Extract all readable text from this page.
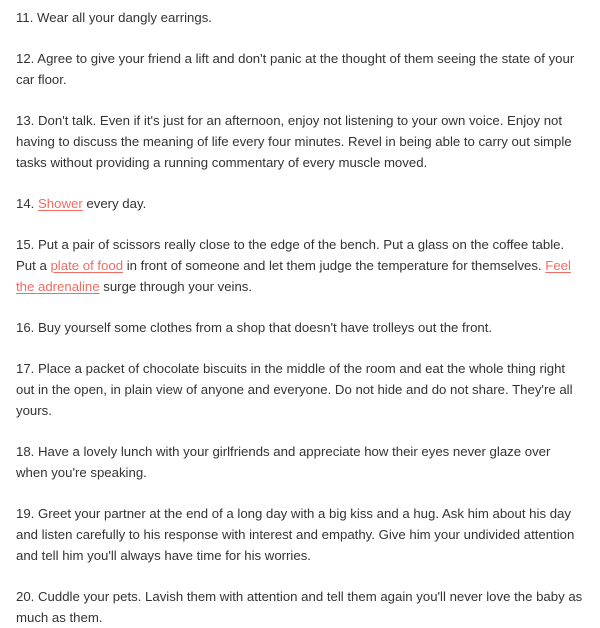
11. Wear all your dangly earrings.

12. Agree to give your friend a lift and don't panic at the thought of them seeing the state of your car floor.

13. Don't talk. Even if it's just for an afternoon, enjoy not listening to your own voice. Enjoy not having to discuss the meaning of life every four minutes. Revel in being able to carry out simple tasks without providing a running commentary of every muscle moved.

14. Shower every day.

15. Put a pair of scissors really close to the edge of the bench. Put a glass on the coffee table. Put a plate of food in front of someone and let them judge the temperature for themselves. Feel the adrenaline surge through your veins.

16. Buy yourself some clothes from a shop that doesn't have trolleys out the front.

17. Place a packet of chocolate biscuits in the middle of the room and eat the whole thing right out in the open, in plain view of anyone and everyone. Do not hide and do not share. They're all yours.

18. Have a lovely lunch with your girlfriends and appreciate how their eyes never glaze over when you're speaking.

19. Greet your partner at the end of a long day with a big kiss and a hug. Ask him about his day and listen carefully to his response with interest and empathy. Give him your undivided attention and tell him you'll always have time for his worries.

20. Cuddle your pets. Lavish them with attention and tell them again you'll never love the baby as much as them.
